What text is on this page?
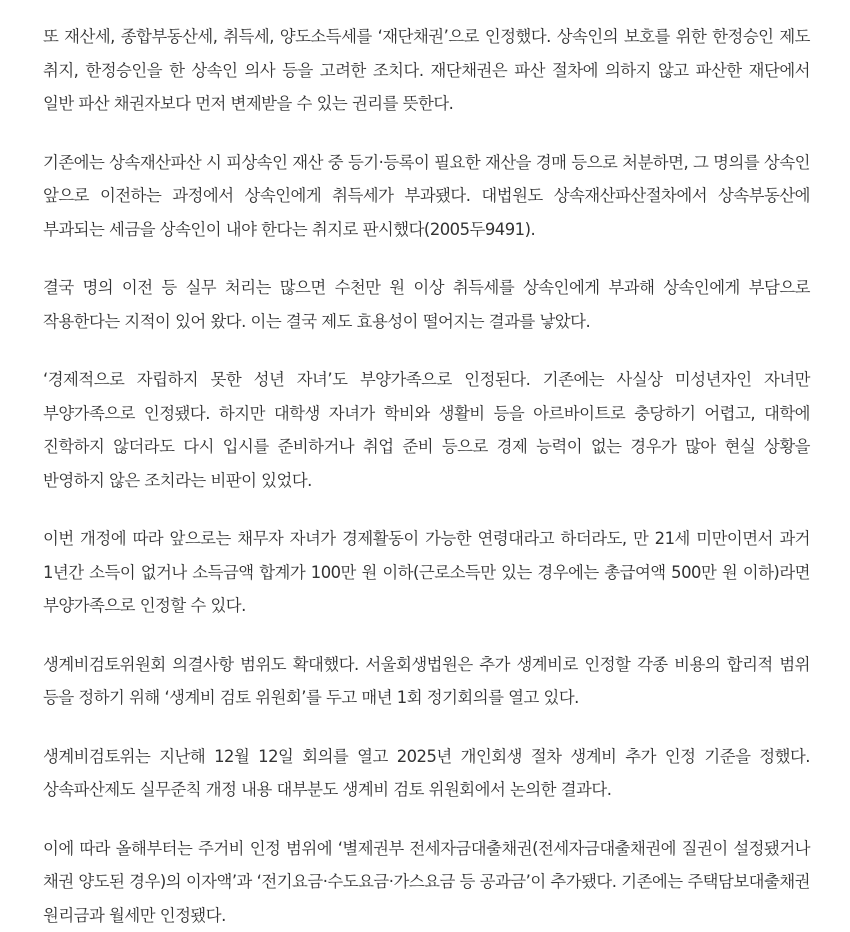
또 재산세, 종합부동산세, 취득세, 양도소득세를 ‘재단채권’으로 인정했다. 상속인의 보호를 위한 한정승인 제도 취지, 한정승인을 한 상속인 의사 등을 고려한 조치다. 재단채권은 파산 절차에 의하지 않고 파산한 재단에서 일반 파산 채권자보다 먼저 변제받을 수 있는 권리를 뜻한다.

기존에는 상속재산파산 시 피상속인 재산 중 등기·등록이 필요한 재산을 경매 등으로 처분하면, 그 명의를 상속인 앞으로 이전하는 과정에서 상속인에게 취득세가 부과됐다. 대법원도 상속재산파산절차에서 상속부동산에 부과되는 세금을 상속인이 내야 한다는 취지로 판시했다(2005두9491).

결국 명의 이전 등 실무 처리는 많으면 수천만 원 이상 취득세를 상속인에게 부과해 상속인에게 부담으로 작용한다는 지적이 있어 왔다. 이는 결국 제도 효용성이 떨어지는 결과를 낳았다.

‘경제적으로 자립하지 못한 성년 자녀’도 부양가족으로 인정된다. 기존에는 사실상 미성년자인 자녀만 부양가족으로 인정됐다. 하지만 대학생 자녀가 학비와 생활비 등을 아르바이트로 충당하기 어렵고, 대학에 진학하지 않더라도 다시 입시를 준비하거나 취업 준비 등으로 경제 능력이 없는 경우가 많아 현실 상황을 반영하지 않은 조치라는 비판이 있었다.

이번 개정에 따라 앞으로는 채무자 자녀가 경제활동이 가능한 연령대라고 하더라도, 만 21세 미만이면서 과거 1년간 소득이 없거나 소득금액 합계가 100만 원 이하(근로소득만 있는 경우에는 총급여액 500만 원 이하)라면 부양가족으로 인정할 수 있다.

생계비검토위원회 의결사항 범위도 확대했다. 서울회생법원은 추가 생계비로 인정할 각종 비용의 합리적 범위 등을 정하기 위해 ‘생계비 검토 위원회’를 두고 매년 1회 정기회의를 열고 있다.

생계비검토위는 지난해 12월 12일 회의를 열고 2025년 개인회생 절차 생계비 추가 인정 기준을 정했다. 상속파산제도 실무준칙 개정 내용 대부분도 생계비 검토 위원회에서 논의한 결과다.

이에 따라 올해부터는 주거비 인정 범위에 ‘별제권부 전세자금대출채권(전세자금대출채권에 질권이 설정됐거나 채권 양도된 경우)의 이자액’과 ‘전기요금·수도요금·가스요금 등 공과금’이 추가됐다. 기존에는 주택담보대출채권 원리금과 월세만 인정됐다.
